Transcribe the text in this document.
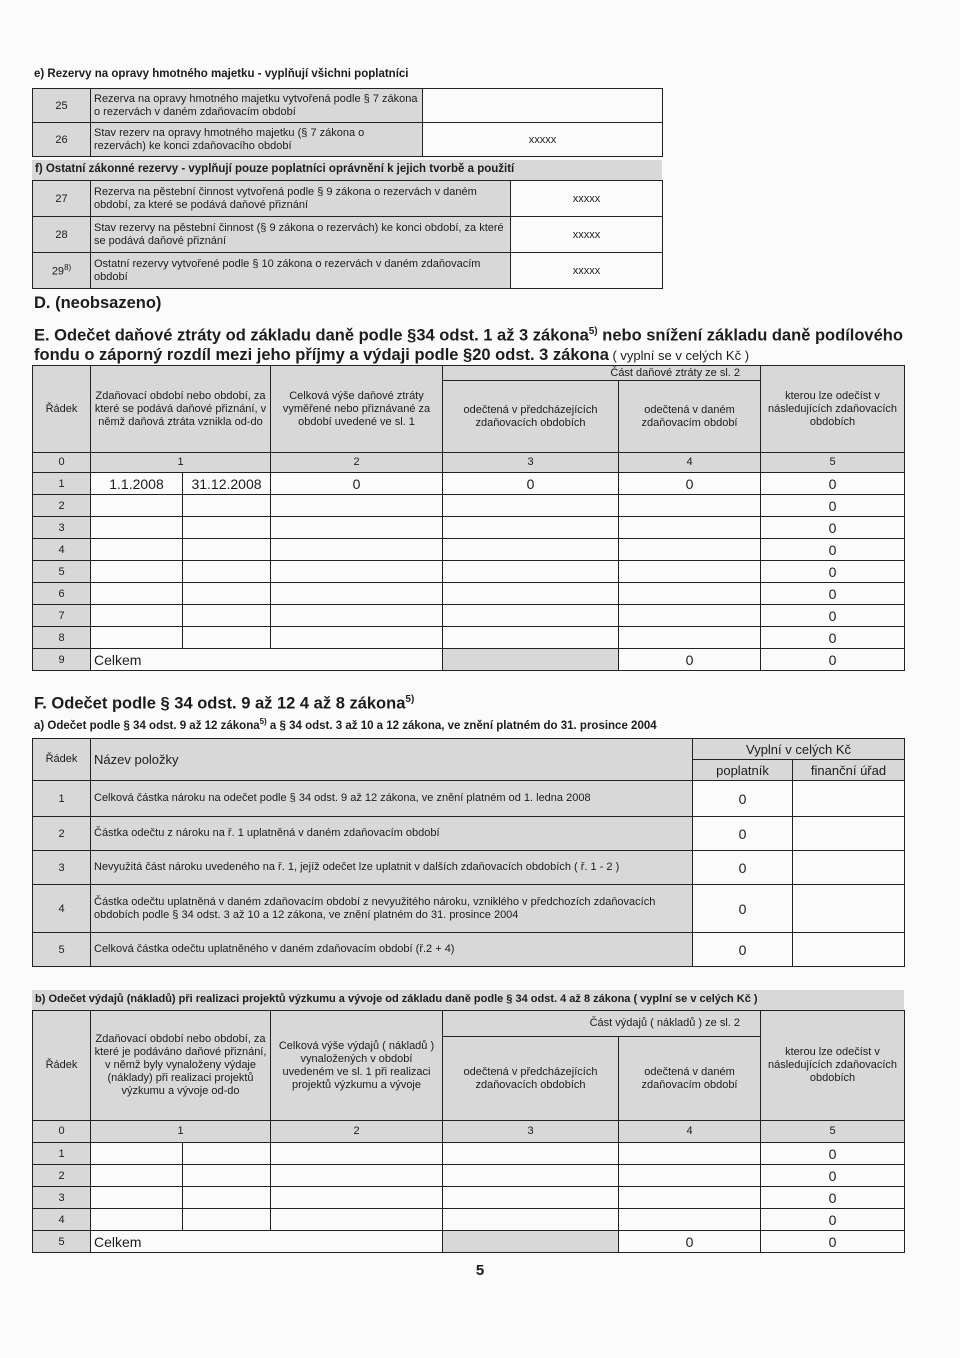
e) Rezervy na opravy hmotného majetku - vyplňují všichni poplatníci
25	Rezerva na opravy hmotného majetku vytvořená podle § 7 zákona o rezervách v daném zdaňovacím období	
26	Stav rezerv na opravy hmotného majetku (§ 7 zákona o rezervách) ke konci zdaňovacího období	xxxxx
f) Ostatní zákonné rezervy - vyplňují pouze poplatníci oprávnění k jejich tvorbě a použití
27	Rezerva na pěstební činnost vytvořená podle § 9 zákona o rezervách v daném období, za které se podává daňové přiznání	xxxxx
28	Stav rezervy na pěstební činnost (§ 9 zákona o rezervách) ke konci období, za které se podává daňové přiznání	xxxxx
29$^{8)}$	Ostatní rezervy vytvořené podle § 10 zákona o rezervách v daném zdaňovacím období	xxxxx
D. (neobsazeno)
E. Odečet daňové ztráty od základu daně podle §34 odst. 1 až 3 zákona$^{5)}$ nebo snížení základu daně podílového
fondu o záporný rozdíl mezi jeho příjmy a výdaji podle §20 odst. 3 zákona ( vyplní se v celých Kč )
Řádek	Zdaňovací období nebo období, za které se podává daňové přiznání, v němž daňová ztráta vznikla od-do		Celková výše daňové ztráty vyměřené nebo přiznávané za období uvedené ve sl. 1	Část daňové ztráty ze sl. 2		kterou lze odečíst v následujících zdaňovacích obdobích
				odečtená v předcházejících zdaňovacích obdobích	odečtená v daném zdaňovacím období	
0	1		2	3	4	5
1	1.1.2008	31.12.2008	0	0	0	0
2						0
3						0
4						0
5						0
6						0
7						0
8						0
9	Celkem				0	0
F. Odečet podle § 34 odst. 9 až 12 4 až 8 zákona$^{5)}$
a) Odečet podle § 34 odst. 9 až 12 zákona$^{5)}$ a § 34 odst. 3 až 10 a 12 zákona, ve znění platném do 31. prosince 2004
Řádek	Název položky	Vyplní v celých Kč	
		poplatník	finanční úřad
1	Celková částka nároku na odečet podle § 34 odst. 9 až 12 zákona, ve znění platném od 1. ledna 2008	0	
2	Částka odečtu z nároku na ř. 1 uplatněná v daném zdaňovacím období	0	
3	Nevyužitá část nároku uvedeného na ř. 1, jejíž odečet lze uplatnit v dalších zdaňovacích obdobích ( ř. 1 - 2 )	0	
4	Částka odečtu uplatněná v daném zdaňovacím období z nevyužitého nároku, vzniklého v předchozích zdaňovacích obdobích podle § 34 odst. 3 až 10 a 12 zákona, ve znění platném do 31. prosince 2004	0	
5	Celková částka odečtu uplatněného v daném zdaňovacím období (ř.2 + 4)	0	
b) Odečet výdajů (nákladů) při realizaci projektů výzkumu a vývoje od základu daně podle § 34 odst. 4 až 8 zákona ( vyplní se v celých Kč )
Řádek	Zdaňovací období nebo období, za které je podáváno daňové přiznání, v němž byly vynaloženy výdaje (náklady) při realizaci projektů výzkumu a vývoje od-do		Celková výše výdajů ( nákladů ) vynaložených v období uvedeném ve sl. 1 při realizaci projektů výzkumu a vývoje	Část výdajů ( nákladů ) ze sl. 2		kterou lze odečíst v následujících zdaňovacích obdobích
				odečtená v předcházejících zdaňovacích obdobích	odečtená v daném zdaňovacím období	
0	1		2	3	4	5
1						0
2						0
3						0
4						0
5	Celkem				0	0
5
